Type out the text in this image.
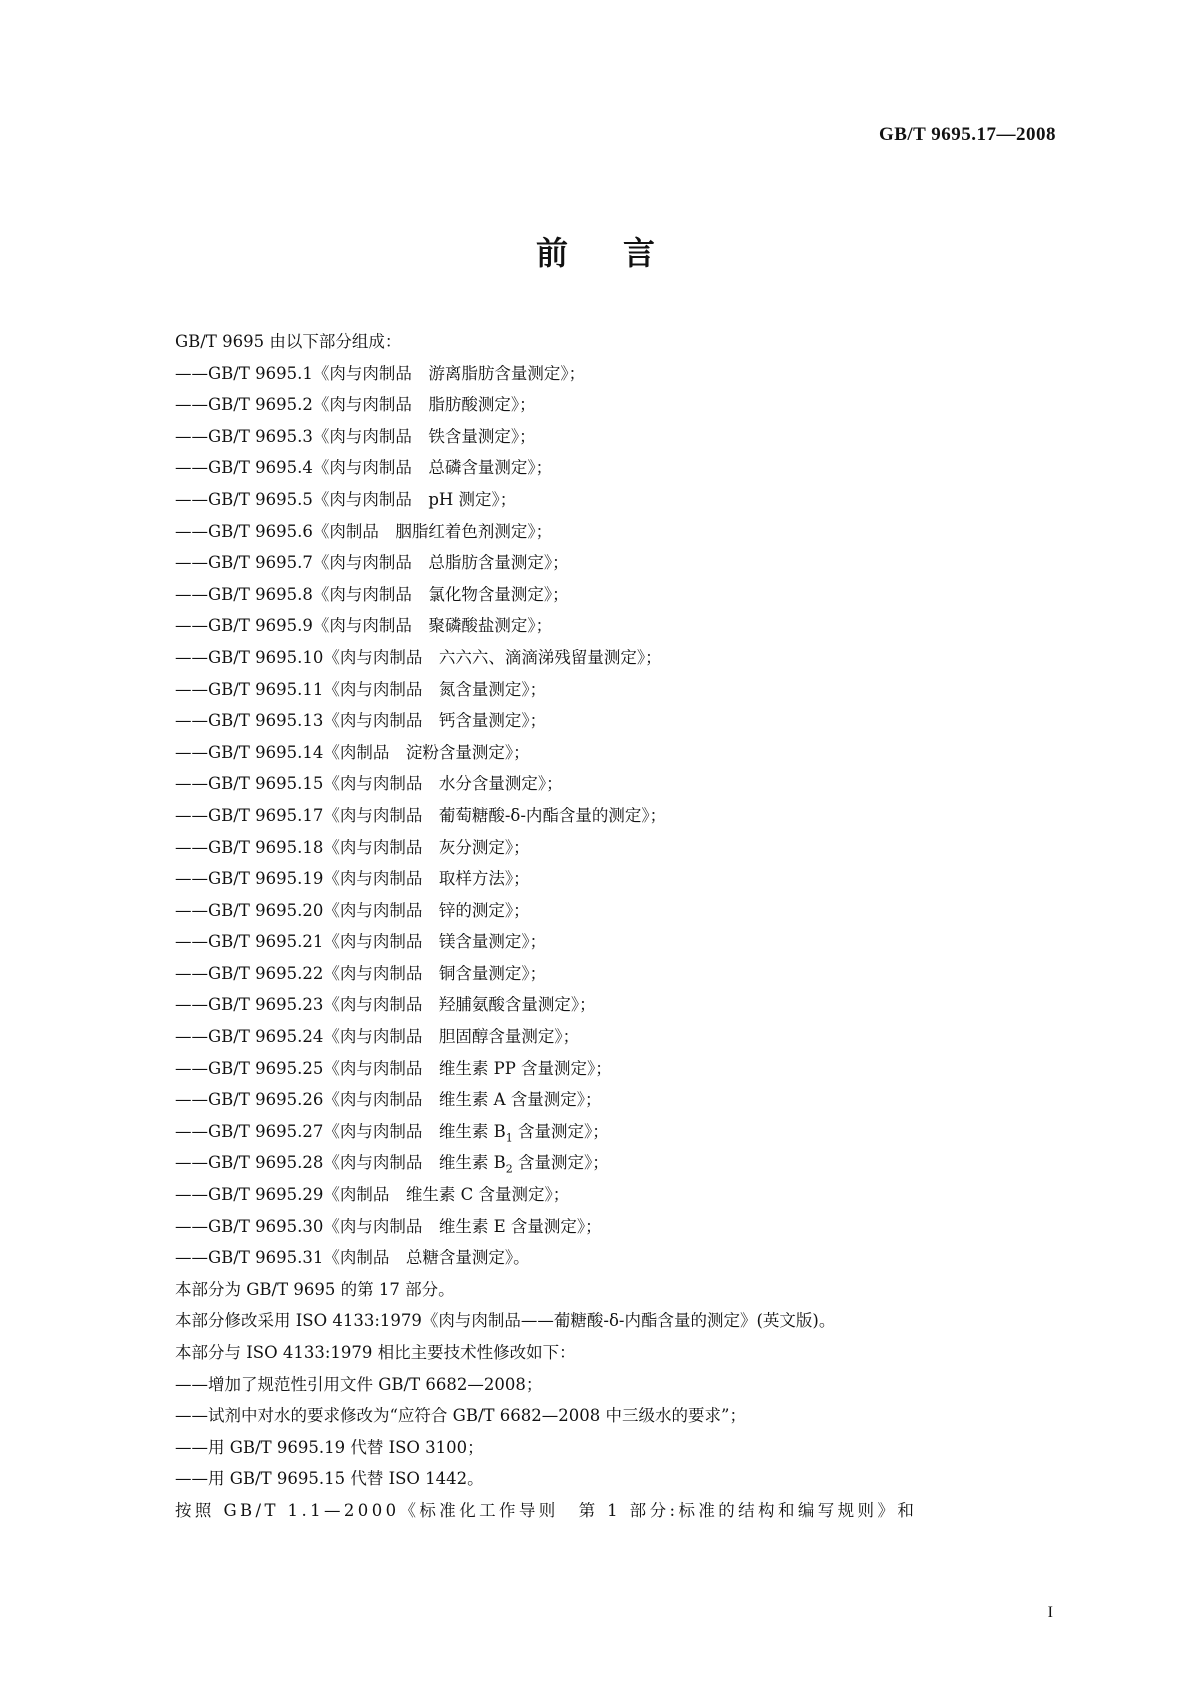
GB/T 9695.17—2008
前言
GB/T 9695 由以下部分组成：
——GB/T 9695.1《肉与肉制品　游离脂肪含量测定》；
——GB/T 9695.2《肉与肉制品　脂肪酸测定》；
——GB/T 9695.3《肉与肉制品　铁含量测定》；
——GB/T 9695.4《肉与肉制品　总磷含量测定》；
——GB/T 9695.5《肉与肉制品　pH 测定》；
——GB/T 9695.6《肉制品　胭脂红着色剂测定》；
——GB/T 9695.7《肉与肉制品　总脂肪含量测定》；
——GB/T 9695.8《肉与肉制品　氯化物含量测定》；
——GB/T 9695.9《肉与肉制品　聚磷酸盐测定》；
——GB/T 9695.10《肉与肉制品　六六六、滴滴涕残留量测定》；
——GB/T 9695.11《肉与肉制品　氮含量测定》；
——GB/T 9695.13《肉与肉制品　钙含量测定》；
——GB/T 9695.14《肉制品　淀粉含量测定》；
——GB/T 9695.15《肉与肉制品　水分含量测定》；
——GB/T 9695.17《肉与肉制品　葡萄糖酸-δ-内酯含量的测定》；
——GB/T 9695.18《肉与肉制品　灰分测定》；
——GB/T 9695.19《肉与肉制品　取样方法》；
——GB/T 9695.20《肉与肉制品　锌的测定》；
——GB/T 9695.21《肉与肉制品　镁含量测定》；
——GB/T 9695.22《肉与肉制品　铜含量测定》；
——GB/T 9695.23《肉与肉制品　羟脯氨酸含量测定》；
——GB/T 9695.24《肉与肉制品　胆固醇含量测定》；
——GB/T 9695.25《肉与肉制品　维生素 PP 含量测定》；
——GB/T 9695.26《肉与肉制品　维生素 A 含量测定》；
——GB/T 9695.27《肉与肉制品　维生素 $B_1$ 含量测定》；
——GB/T 9695.28《肉与肉制品　维生素 $B_2$ 含量测定》；
——GB/T 9695.29《肉制品　维生素 C 含量测定》；
——GB/T 9695.30《肉与肉制品　维生素 E 含量测定》；
——GB/T 9695.31《肉制品　总糖含量测定》。
本部分为 GB/T 9695 的第 17 部分。
本部分修改采用 ISO 4133:1979《肉与肉制品——葡糖酸-δ-内酯含量的测定》(英文版)。
本部分与 ISO 4133:1979 相比主要技术性修改如下：
——增加了规范性引用文件 GB/T 6682—2008；
——试剂中对水的要求修改为“应符合 GB/T 6682—2008 中三级水的要求”；
——用 GB/T 9695.19 代替 ISO 3100；
——用 GB/T 9695.15 代替 ISO 1442。
按照 GB/T 1.1—2000《标准化工作导则　第 1 部分:标准的结构和编写规则》和
I
